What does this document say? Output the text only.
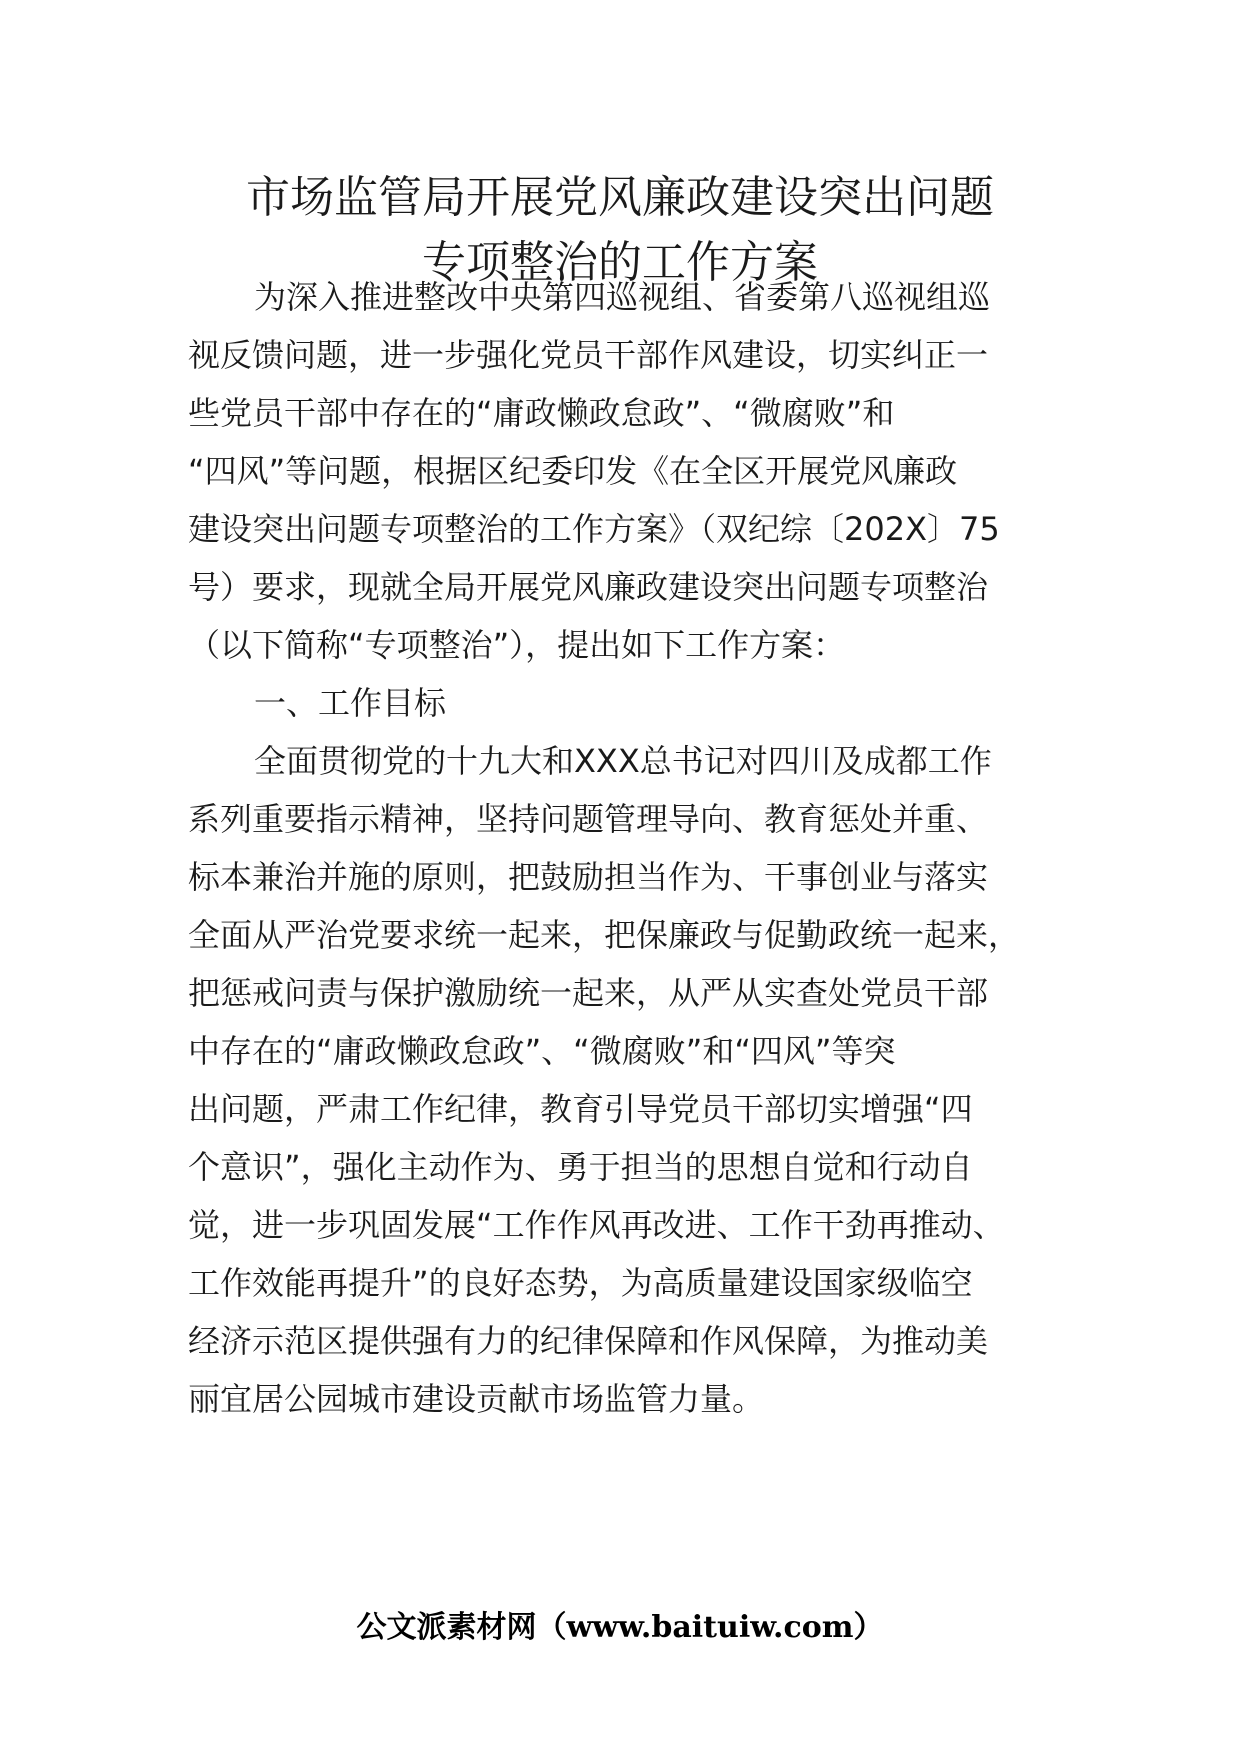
市场监管局开展党风廉政建设突出问题
专项整治的工作方案
为深入推进整改中央第四巡视组、省委第八巡视组巡
视反馈问题，进一步强化党员干部作风建设，切实纠正一
些党员干部中存在的“庸政懒政怠政”、“微腐败”和
“四风”等问题，根据区纪委印发《在全区开展党风廉政
建设突出问题专项整治的工作方案》（双纪综〔202X〕75
号）要求，现就全局开展党风廉政建设突出问题专项整治
（以下简称“专项整治”），提出如下工作方案：
一、工作目标
全面贯彻党的十九大和XXX总书记对四川及成都工作
系列重要指示精神，坚持问题管理导向、教育惩处并重、
标本兼治并施的原则，把鼓励担当作为、干事创业与落实
全面从严治党要求统一起来，把保廉政与促勤政统一起来，
把惩戒问责与保护激励统一起来，从严从实查处党员干部
中存在的“庸政懒政怠政”、“微腐败”和“四风”等突
出问题，严肃工作纪律，教育引导党员干部切实增强“四
个意识”，强化主动作为、勇于担当的思想自觉和行动自
觉，进一步巩固发展“工作作风再改进、工作干劲再推动、
工作效能再提升”的良好态势，为高质量建设国家级临空
经济示范区提供强有力的纪律保障和作风保障，为推动美
丽宜居公园城市建设贡献市场监管力量。
公文派素材网（www.baituiw.com）
